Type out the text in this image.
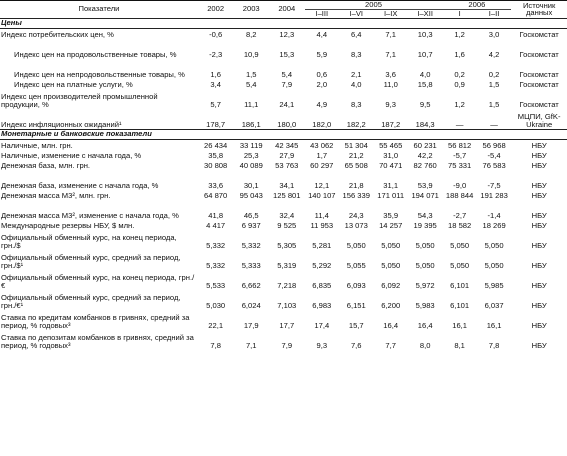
Показатели	2002	2003	2004	2005				2006		Источник данных
				I–III	I–VI	I–IX	I–XII	I	I–II	
Цены										
Индекс потребительских цен, %	-0,6	8,2	12,3	4,4	6,4	7,1	10,3	1,2	3,0	Госкомстат
Индекс цен на продовольственные товары, %	-2,3	10,9	15,3	5,9	8,3	7,1	10,7	1,6	4,2	Госкомстат
Индекс цен на непродовольственные товары, %	1,6	1,5	5,4	0,6	2,1	3,6	4,0	0,2	0,2	Госкомстат
Индекс цен на платные услуги, %	3,4	5,4	7,9	2,0	4,0	11,0	15,8	0,9	1,5	Госкомстат
Индекс цен производителей промышленной продукции, %	5,7	11,1	24,1	4,9	8,3	9,3	9,5	1,2	1,5	Госкомстат
Индекс инфляционных ожиданий¹	178,7	186,1	180,0	182,0	182,2	187,2	184,3	—	—	МЦПИ, GfK-Ukraine
Монетарные и банковские показатели										
Наличные, млн. грн.	26 434	33 119	42 345	43 062	51 304	55 465	60 231	56 812	56 968	НБУ
Наличные, изменение с начала года, %	35,8	25,3	27,9	1,7	21,2	31,0	42,2	-5,7	-5,4	НБУ
Денежная база, млн. грн.	30 808	40 089	53 763	60 297	65 508	70 471	82 760	75 331	76 583	НБУ
Денежная база, изменение с начала года, %	33,6	30,1	34,1	12,1	21,8	31,1	53,9	-9,0	-7,5	НБУ
Денежная масса М3², млн. грн.	64 870	95 043	125 801	140 107	156 339	171 011	194 071	188 844	191 283	НБУ
Денежная масса М3², изменение с начала года, %	41,8	46,5	32,4	11,4	24,3	35,9	54,3	-2,7	-1,4	НБУ
Международные резервы НБУ, $ млн.	4 417	6 937	9 525	11 953	13 073	14 257	19 395	18 582	18 269	НБУ
Официальный обменный курс, на конец периода, грн./$	5,332	5,332	5,305	5,281	5,050	5,050	5,050	5,050	5,050	НБУ
Официальный обменный курс, средний за период, грн./$¹	5,332	5,333	5,319	5,292	5,055	5,050	5,050	5,050	5,050	НБУ
Официальный обменный курс, на конец периода, грн./€	5,533	6,662	7,218	6,835	6,093	6,092	5,972	6,101	5,985	НБУ
Официальный обменный курс, средний за период, грн./€¹	5,030	6,024	7,103	6,983	6,151	6,200	5,983	6,101	6,037	НБУ
Ставка по кредитам комбанков в гривнях, средний за период, % годовых³	22,1	17,9	17,7	17,4	15,7	16,4	16,4	16,1	16,1	НБУ
Ставка по депозитам комбанков в гривнях, средний за период, % годовых³	7,8	7,1	7,9	9,3	7,6	7,7	8,0	8,1	7,8	НБУ
